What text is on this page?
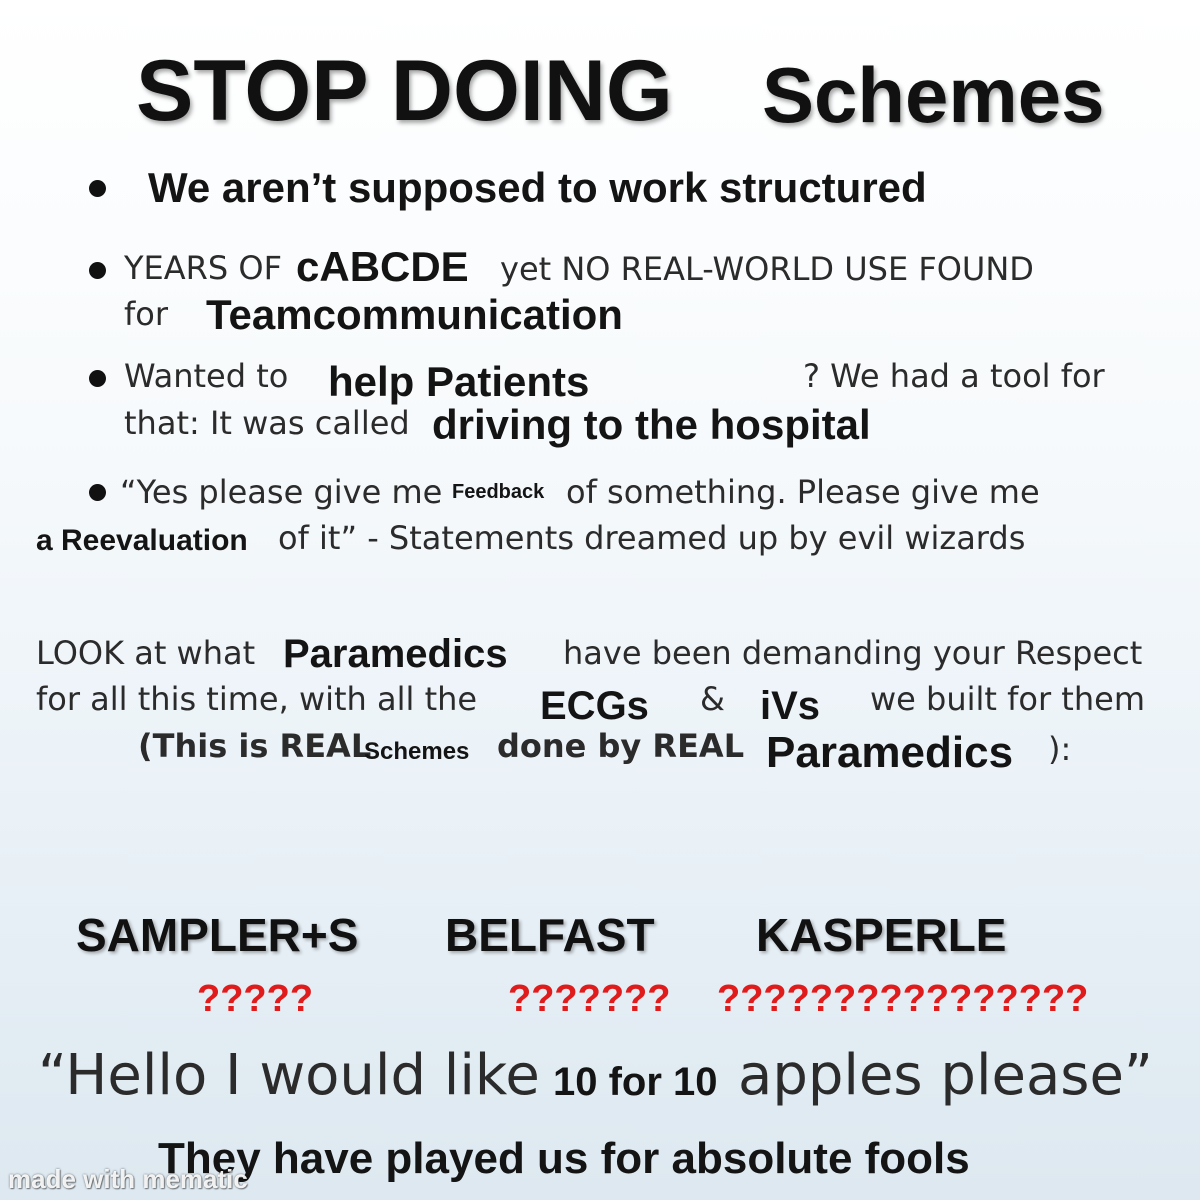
STOP DOING Schemes
We aren’t supposed to work structured
YEARS OF cABCDE yet NO REAL-WORLD USE FOUND
for Teamcommunication
Wanted to help Patients	? We had a tool for
that: It was called driving to the hospital
“Yes please give me Feedback of something. Please give me
a Reevaluation of it” - Statements dreamed up by evil wizards
LOOK at what Paramedics have been demanding your Respect
for all this time, with all the ECGs & iVs we built for them
(This is REAL
Schemes done by REAL Paramedics ):
SAMPLER+S BELFAST KASPERLE
?????	??????? ????????????????
“Hello I would like 10 for 10 apples please”
They have played us for absolute fools
made with mematic
